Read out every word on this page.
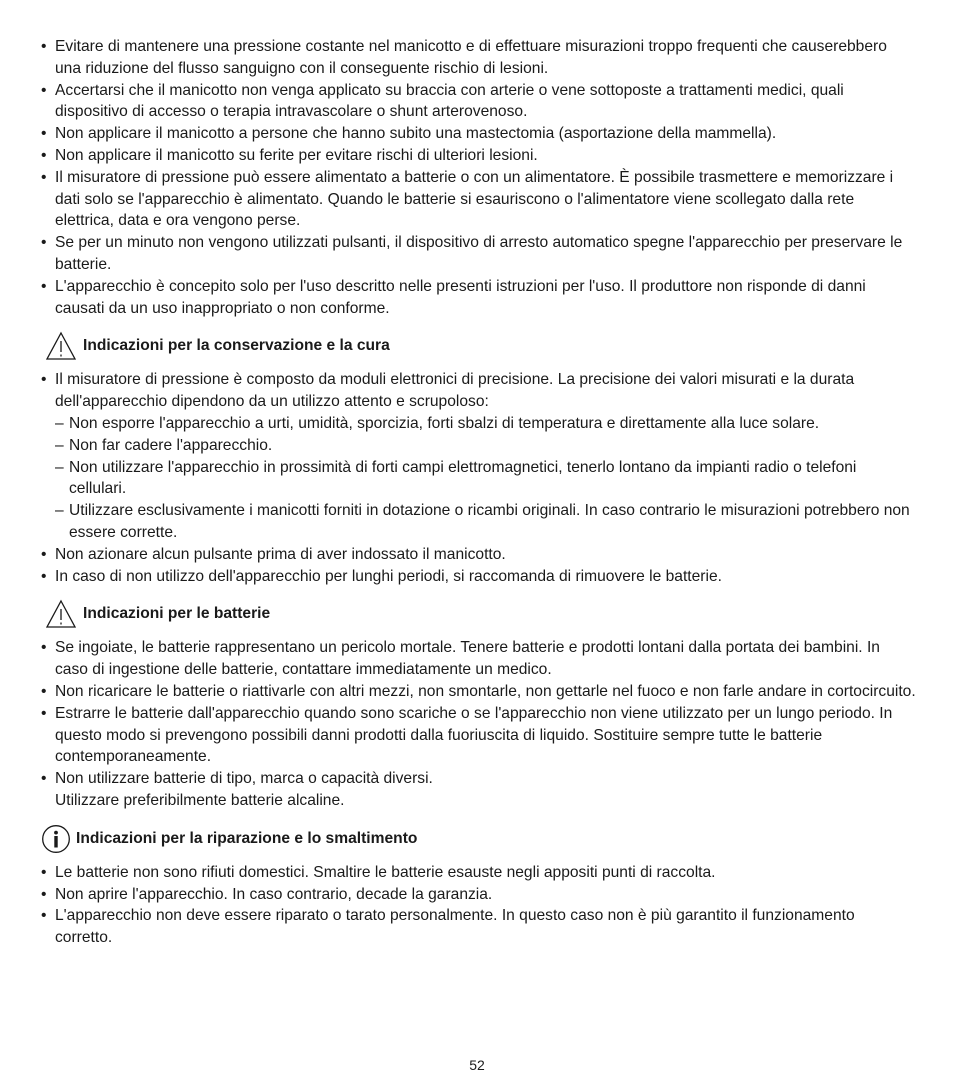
• Evitare di mantenere una pressione costante nel manicotto e di effettuare misurazioni troppo frequenti che causerebbero una riduzione del flusso sanguigno con il conseguente rischio di lesioni.
• Accertarsi che il manicotto non venga applicato su braccia con arterie o vene sottoposte a trattamenti medici, quali dispositivo di accesso o terapia intravascolare o shunt arterovenoso.
• Non applicare il manicotto a persone che hanno subito una mastectomia (asportazione della mammella).
• Non applicare il manicotto su ferite per evitare rischi di ulteriori lesioni.
• Il misuratore di pressione può essere alimentato a batterie o con un alimentatore. È possibile trasmettere e memorizzare i dati solo se l'apparecchio è alimentato. Quando le batterie si esauriscono o l'alimentatore viene scollegato dalla rete elettrica, data e ora vengono perse.
• Se per un minuto non vengono utilizzati pulsanti, il dispositivo di arresto automatico spegne l'apparecchio per preservare le batterie.
• L'apparecchio è concepito solo per l'uso descritto nelle presenti istruzioni per l'uso. Il produttore non risponde di danni causati da un uso inappropriato o non conforme.
Indicazioni per la conservazione e la cura
• Il misuratore di pressione è composto da moduli elettronici di precisione. La precisione dei valori misurati e la durata dell'apparecchio dipendono da un utilizzo attento e scrupoloso:
– Non esporre l'apparecchio a urti, umidità, sporcizia, forti sbalzi di temperatura e direttamente alla luce solare.
– Non far cadere l'apparecchio.
– Non utilizzare l'apparecchio in prossimità di forti campi elettromagnetici, tenerlo lontano da impianti radio o telefoni cellulari.
– Utilizzare esclusivamente i manicotti forniti in dotazione o ricambi originali. In caso contrario le misurazioni potrebbero non essere corrette.
• Non azionare alcun pulsante prima di aver indossato il manicotto.
• In caso di non utilizzo dell'apparecchio per lunghi periodi, si raccomanda di rimuovere le batterie.
Indicazioni per le batterie
• Se ingoiate, le batterie rappresentano un pericolo mortale. Tenere batterie e prodotti lontani dalla portata dei bambini. In caso di ingestione delle batterie, contattare immediatamente un medico.
• Non ricaricare le batterie o riattivarle con altri mezzi, non smontarle, non gettarle nel fuoco e non farle andare in cortocircuito.
• Estrarre le batterie dall'apparecchio quando sono scariche o se l'apparecchio non viene utilizzato per un lungo periodo. In questo modo si prevengono possibili danni prodotti dalla fuoriuscita di liquido. Sostituire sempre tutte le batterie contemporaneamente.
• Non utilizzare batterie di tipo, marca o capacità diversi.
Utilizzare preferibilmente batterie alcaline.
Indicazioni per la riparazione e lo smaltimento
• Le batterie non sono rifiuti domestici. Smaltire le batterie esauste negli appositi punti di raccolta.
• Non aprire l'apparecchio. In caso contrario, decade la garanzia.
• L'apparecchio non deve essere riparato o tarato personalmente. In questo caso non è più garantito il funzionamento corretto.
52
